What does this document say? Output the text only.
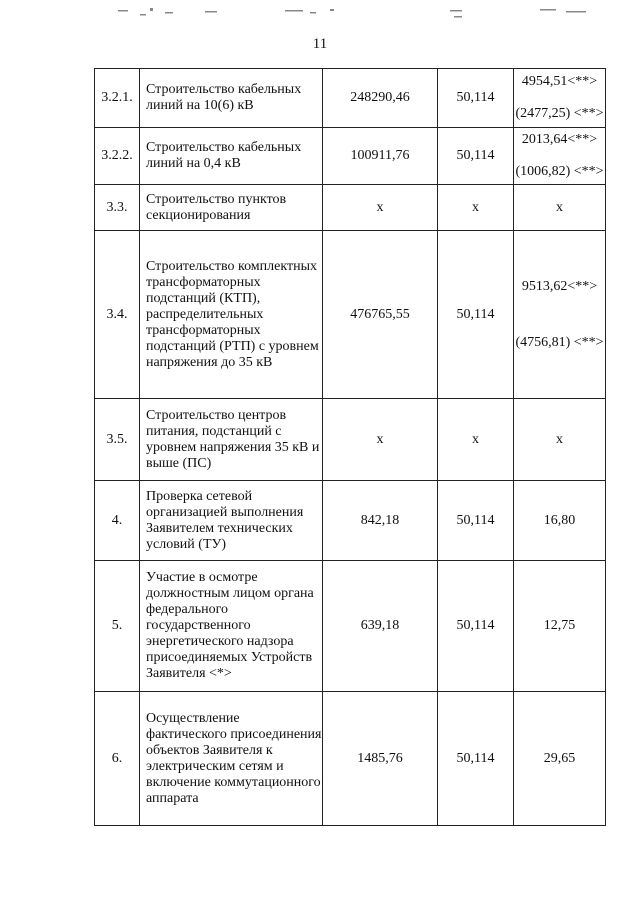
11
3.2.1.	Строительство кабельных линий на 10(6) кВ	248290,46	50,114	4954,51<**>
(2477,25) <**>

3.2.2.	Строительство кабельных линий на 0,4 кВ	100911,76	50,114	2013,64<**>
(1006,82) <**>

3.3.	Строительство пунктов секционирования	х	х	х

3.4.	Строительство комплектных трансформаторных подстанций (КТП), распределительных трансформаторных подстанций (РТП) с уровнем напряжения до 35 кВ	476765,55	50,114	9513,62<**>
(4756,81) <**>

3.5.	Строительство центров питания, подстанций с уровнем напряжения 35 кВ и выше (ПС)	х	х	х

4.	Проверка сетевой организацией выполнения Заявителем технических условий (ТУ)	842,18	50,114	16,80

5.	Участие в осмотре должностным лицом органа федерального государственного энергетического надзора присоединяемых Устройств Заявителя <*>	639,18	50,114	12,75

6.	Осуществление фактического присоединения объектов Заявителя к электрическим сетям и включение коммутационного аппарата	1485,76	50,114	29,65
